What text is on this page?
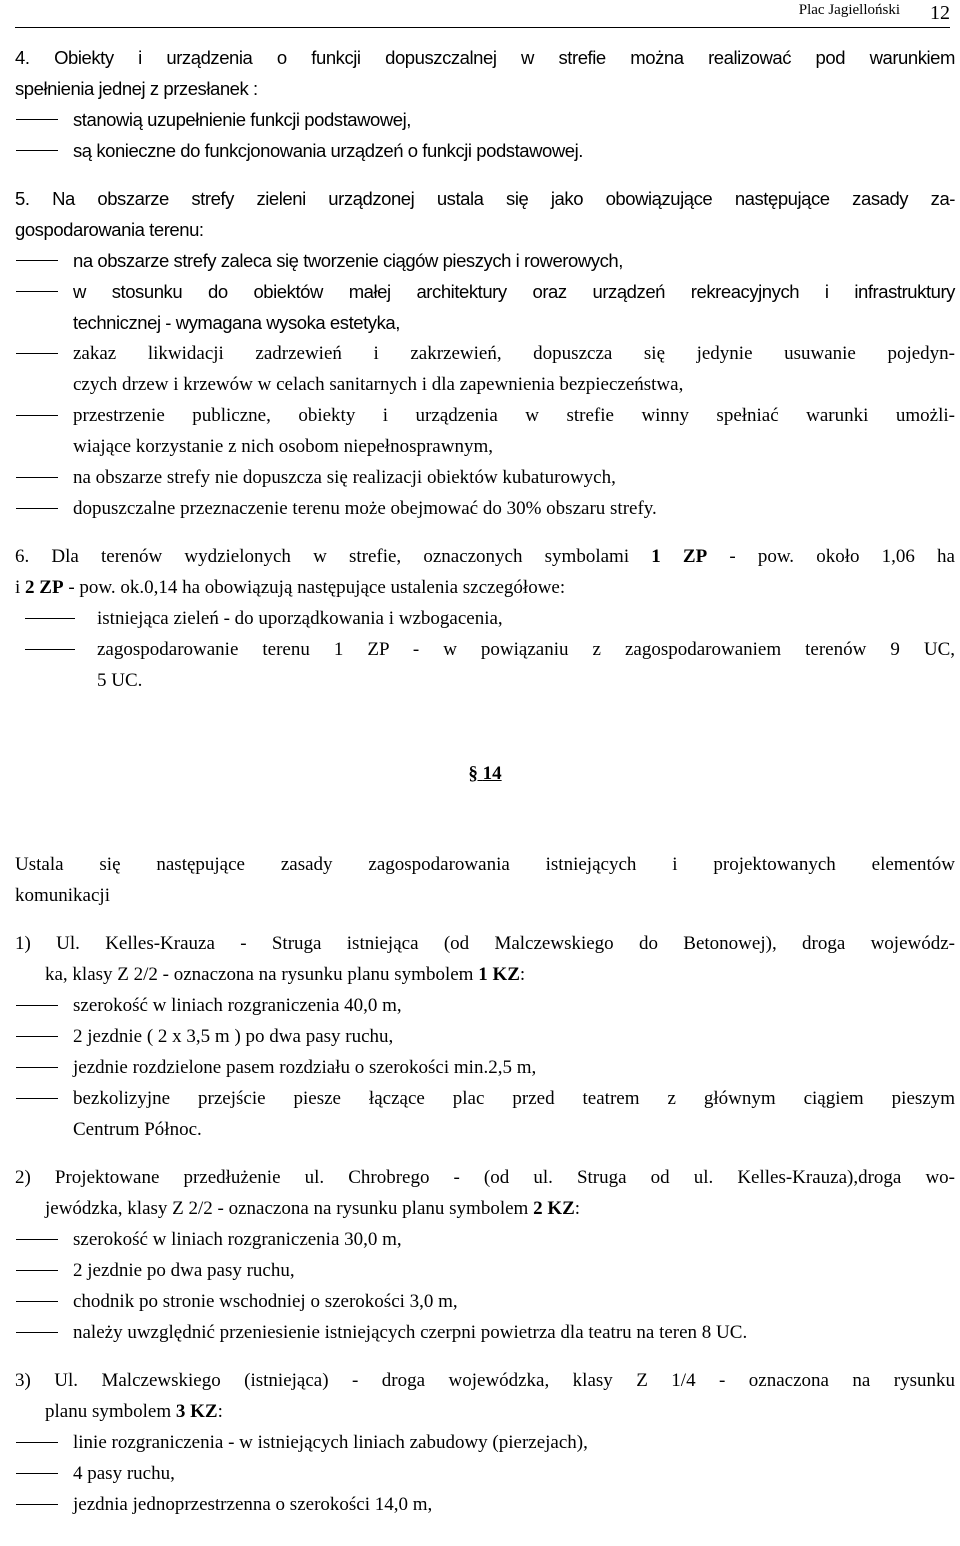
Plac Jagielloński 12
4. Obiekty i urządzenia o funkcji dopuszczalnej w strefie można realizować pod warunkiem
spełnienia jednej z przesłanek :
stanowią uzupełnienie funkcji podstawowej,
są konieczne do funkcjonowania urządzeń o funkcji podstawowej.
5. Na obszarze strefy zieleni urządzonej ustala się jako obowiązujące następujące zasady za-
gospodarowania terenu:
na obszarze strefy zaleca się tworzenie ciągów pieszych i rowerowych,
w stosunku do obiektów małej architektury oraz urządzeń rekreacyjnych i infrastruktury
technicznej - wymagana wysoka estetyka,
zakaz likwidacji zadrzewień i zakrzewień, dopuszcza się jedynie usuwanie pojedyn-
czych drzew i krzewów w celach sanitarnych i dla zapewnienia bezpieczeństwa,
przestrzenie publiczne, obiekty i urządzenia w strefie winny spełniać warunki umożli-
wiające korzystanie z nich osobom niepełnosprawnym,
na obszarze strefy nie dopuszcza się realizacji obiektów kubaturowych,
dopuszczalne przeznaczenie terenu może obejmować do 30% obszaru strefy.
6. Dla terenów wydzielonych w strefie, oznaczonych symbolami 1 ZP - pow. około 1,06 ha
i 2 ZP - pow. ok.0,14 ha obowiązują następujące ustalenia szczegółowe:
istniejąca zieleń - do uporządkowania i wzbogacenia,
zagospodarowanie terenu 1 ZP - w powiązaniu z zagospodarowaniem terenów 9 UC,
5 UC.
§ 14
Ustala się następujące zasady zagospodarowania istniejących i projektowanych elementów
komunikacji
1) Ul. Kelles-Krauza - Struga istniejąca (od Malczewskiego do Betonowej), droga wojewódz-
ka, klasy Z 2/2 - oznaczona na rysunku planu symbolem 1 KZ:
szerokość w liniach rozgraniczenia 40,0 m,
2 jezdnie ( 2 x 3,5 m ) po dwa pasy ruchu,
jezdnie rozdzielone pasem rozdziału o szerokości min.2,5 m,
bezkolizyjne przejście piesze łączące plac przed teatrem z głównym ciągiem pieszym
Centrum Północ.
2) Projektowane przedłużenie ul. Chrobrego - (od ul. Struga od ul. Kelles-Krauza),droga wo-
jewódzka, klasy Z 2/2 - oznaczona na rysunku planu symbolem 2 KZ:
szerokość w liniach rozgraniczenia 30,0 m,
2 jezdnie po dwa pasy ruchu,
chodnik po stronie wschodniej o szerokości 3,0 m,
należy uwzględnić przeniesienie istniejących czerpni powietrza dla teatru na teren 8 UC.
3) Ul. Malczewskiego (istniejąca) - droga wojewódzka, klasy Z 1/4 - oznaczona na rysunku
planu symbolem 3 KZ:
linie rozgraniczenia - w istniejących liniach zabudowy (pierzejach),
4 pasy ruchu,
jezdnia jednoprzestrzenna o szerokości 14,0 m,
